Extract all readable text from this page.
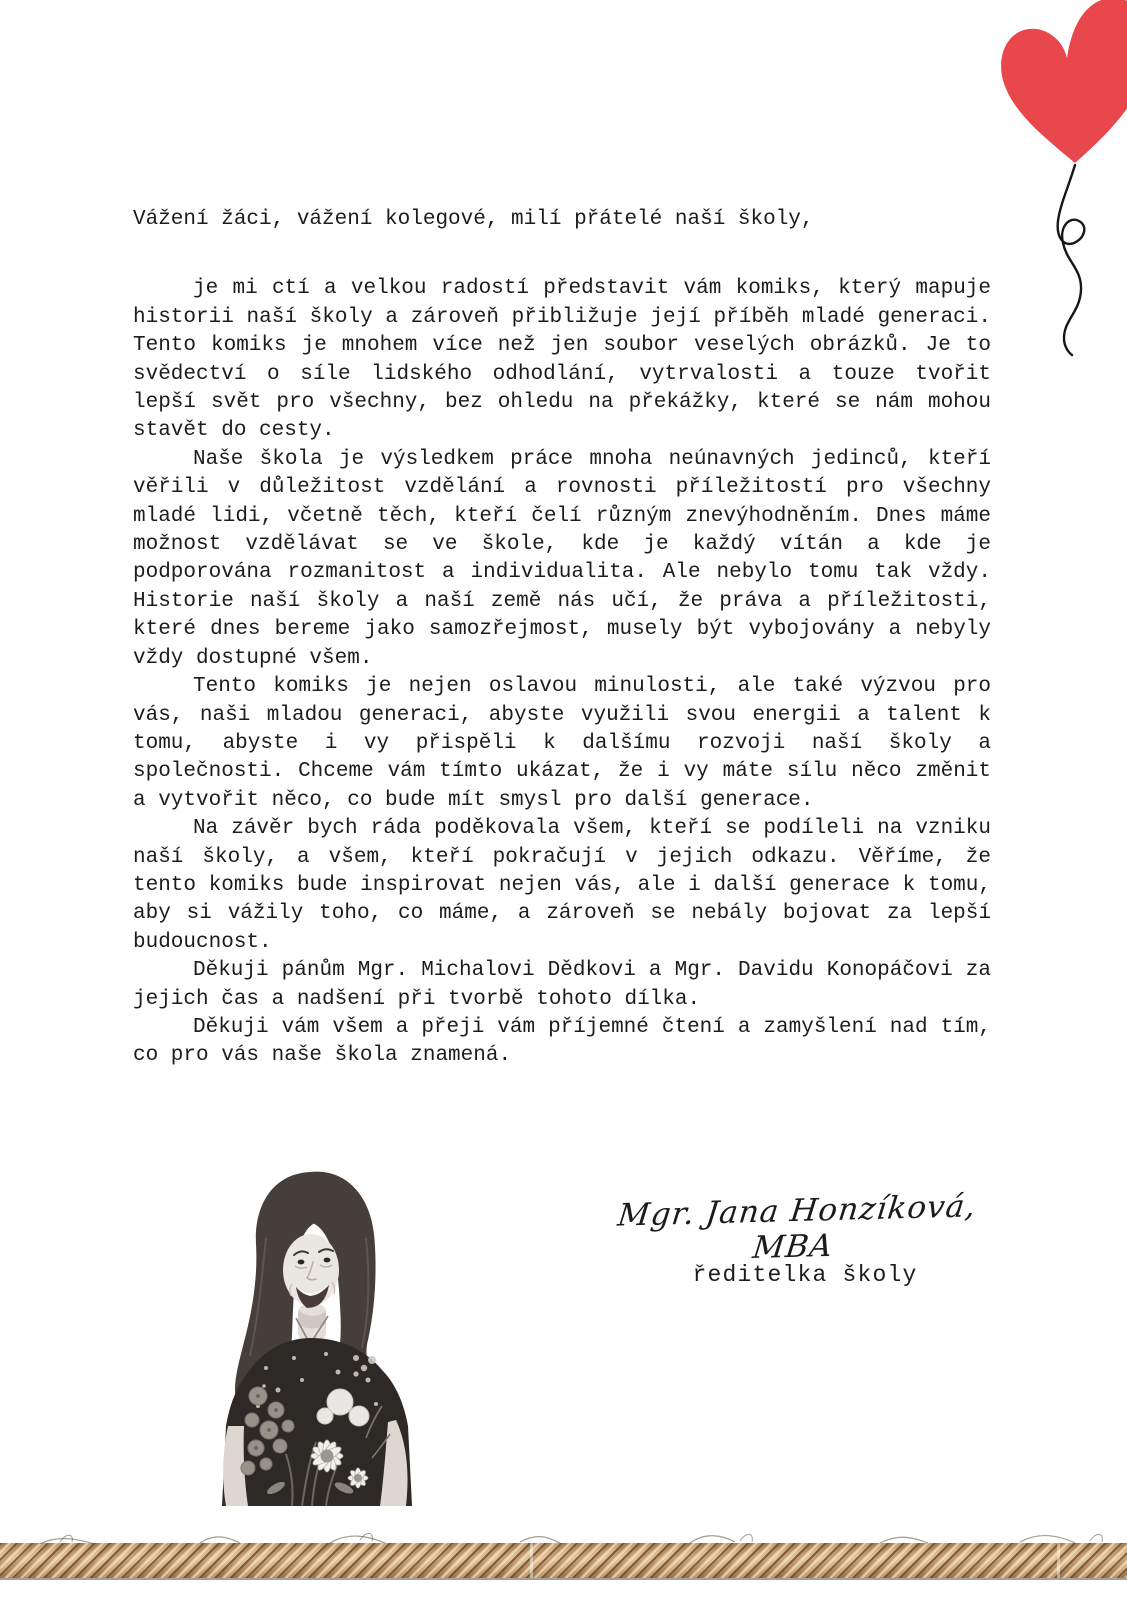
Vážení žáci, vážení kolegové, milí přátelé naší školy,

je mi ctí a velkou radostí představit vám komiks, který mapuje historii naší školy a zároveň přibližuje její příběh mladé generaci. Tento komiks je mnohem více než jen soubor veselých obrázků. Je to svědectví o síle lidského odhodlání, vytrvalosti a touze tvořit lepší svět pro všechny, bez ohledu na překážky, které se nám mohou stavět do cesty.

Naše škola je výsledkem práce mnoha neúnavných jedinců, kteří věřili v důležitost vzdělání a rovnosti příležitostí pro všechny mladé lidi, včetně těch, kteří čelí různým znevýhodněním. Dnes máme možnost vzdělávat se ve škole, kde je každý vítán a kde je podporována rozmanitost a individualita. Ale nebylo tomu tak vždy. Historie naší školy a naší země nás učí, že práva a příležitosti, které dnes bereme jako samozřejmost, musely být vybojovány a nebyly vždy dostupné všem.

Tento komiks je nejen oslavou minulosti, ale také výzvou pro vás, naši mladou generaci, abyste využili svou energii a talent k tomu, abyste i vy přispěli k dalšímu rozvoji naší školy a společnosti. Chceme vám tímto ukázat, že i vy máte sílu něco změnit a vytvořit něco, co bude mít smysl pro další generace.

Na závěr bych ráda poděkovala všem, kteří se podíleli na vzniku naší školy, a všem, kteří pokračují v jejich odkazu. Věříme, že tento komiks bude inspirovat nejen vás, ale i další generace k tomu, aby si vážily toho, co máme, a zároveň se nebály bojovat za lepší budoucnost.

Děkuji pánům Mgr. Michalovi Dědkovi a Mgr. Davidu Konopáčovi za jejich čas a nadšení při tvorbě tohoto dílka.

Děkuji vám všem a přeji vám příjemné čtení a zamyšlení nad tím, co pro vás naše škola znamená.

Mgr. Jana Honzíková, MBA
ředitelka školy
